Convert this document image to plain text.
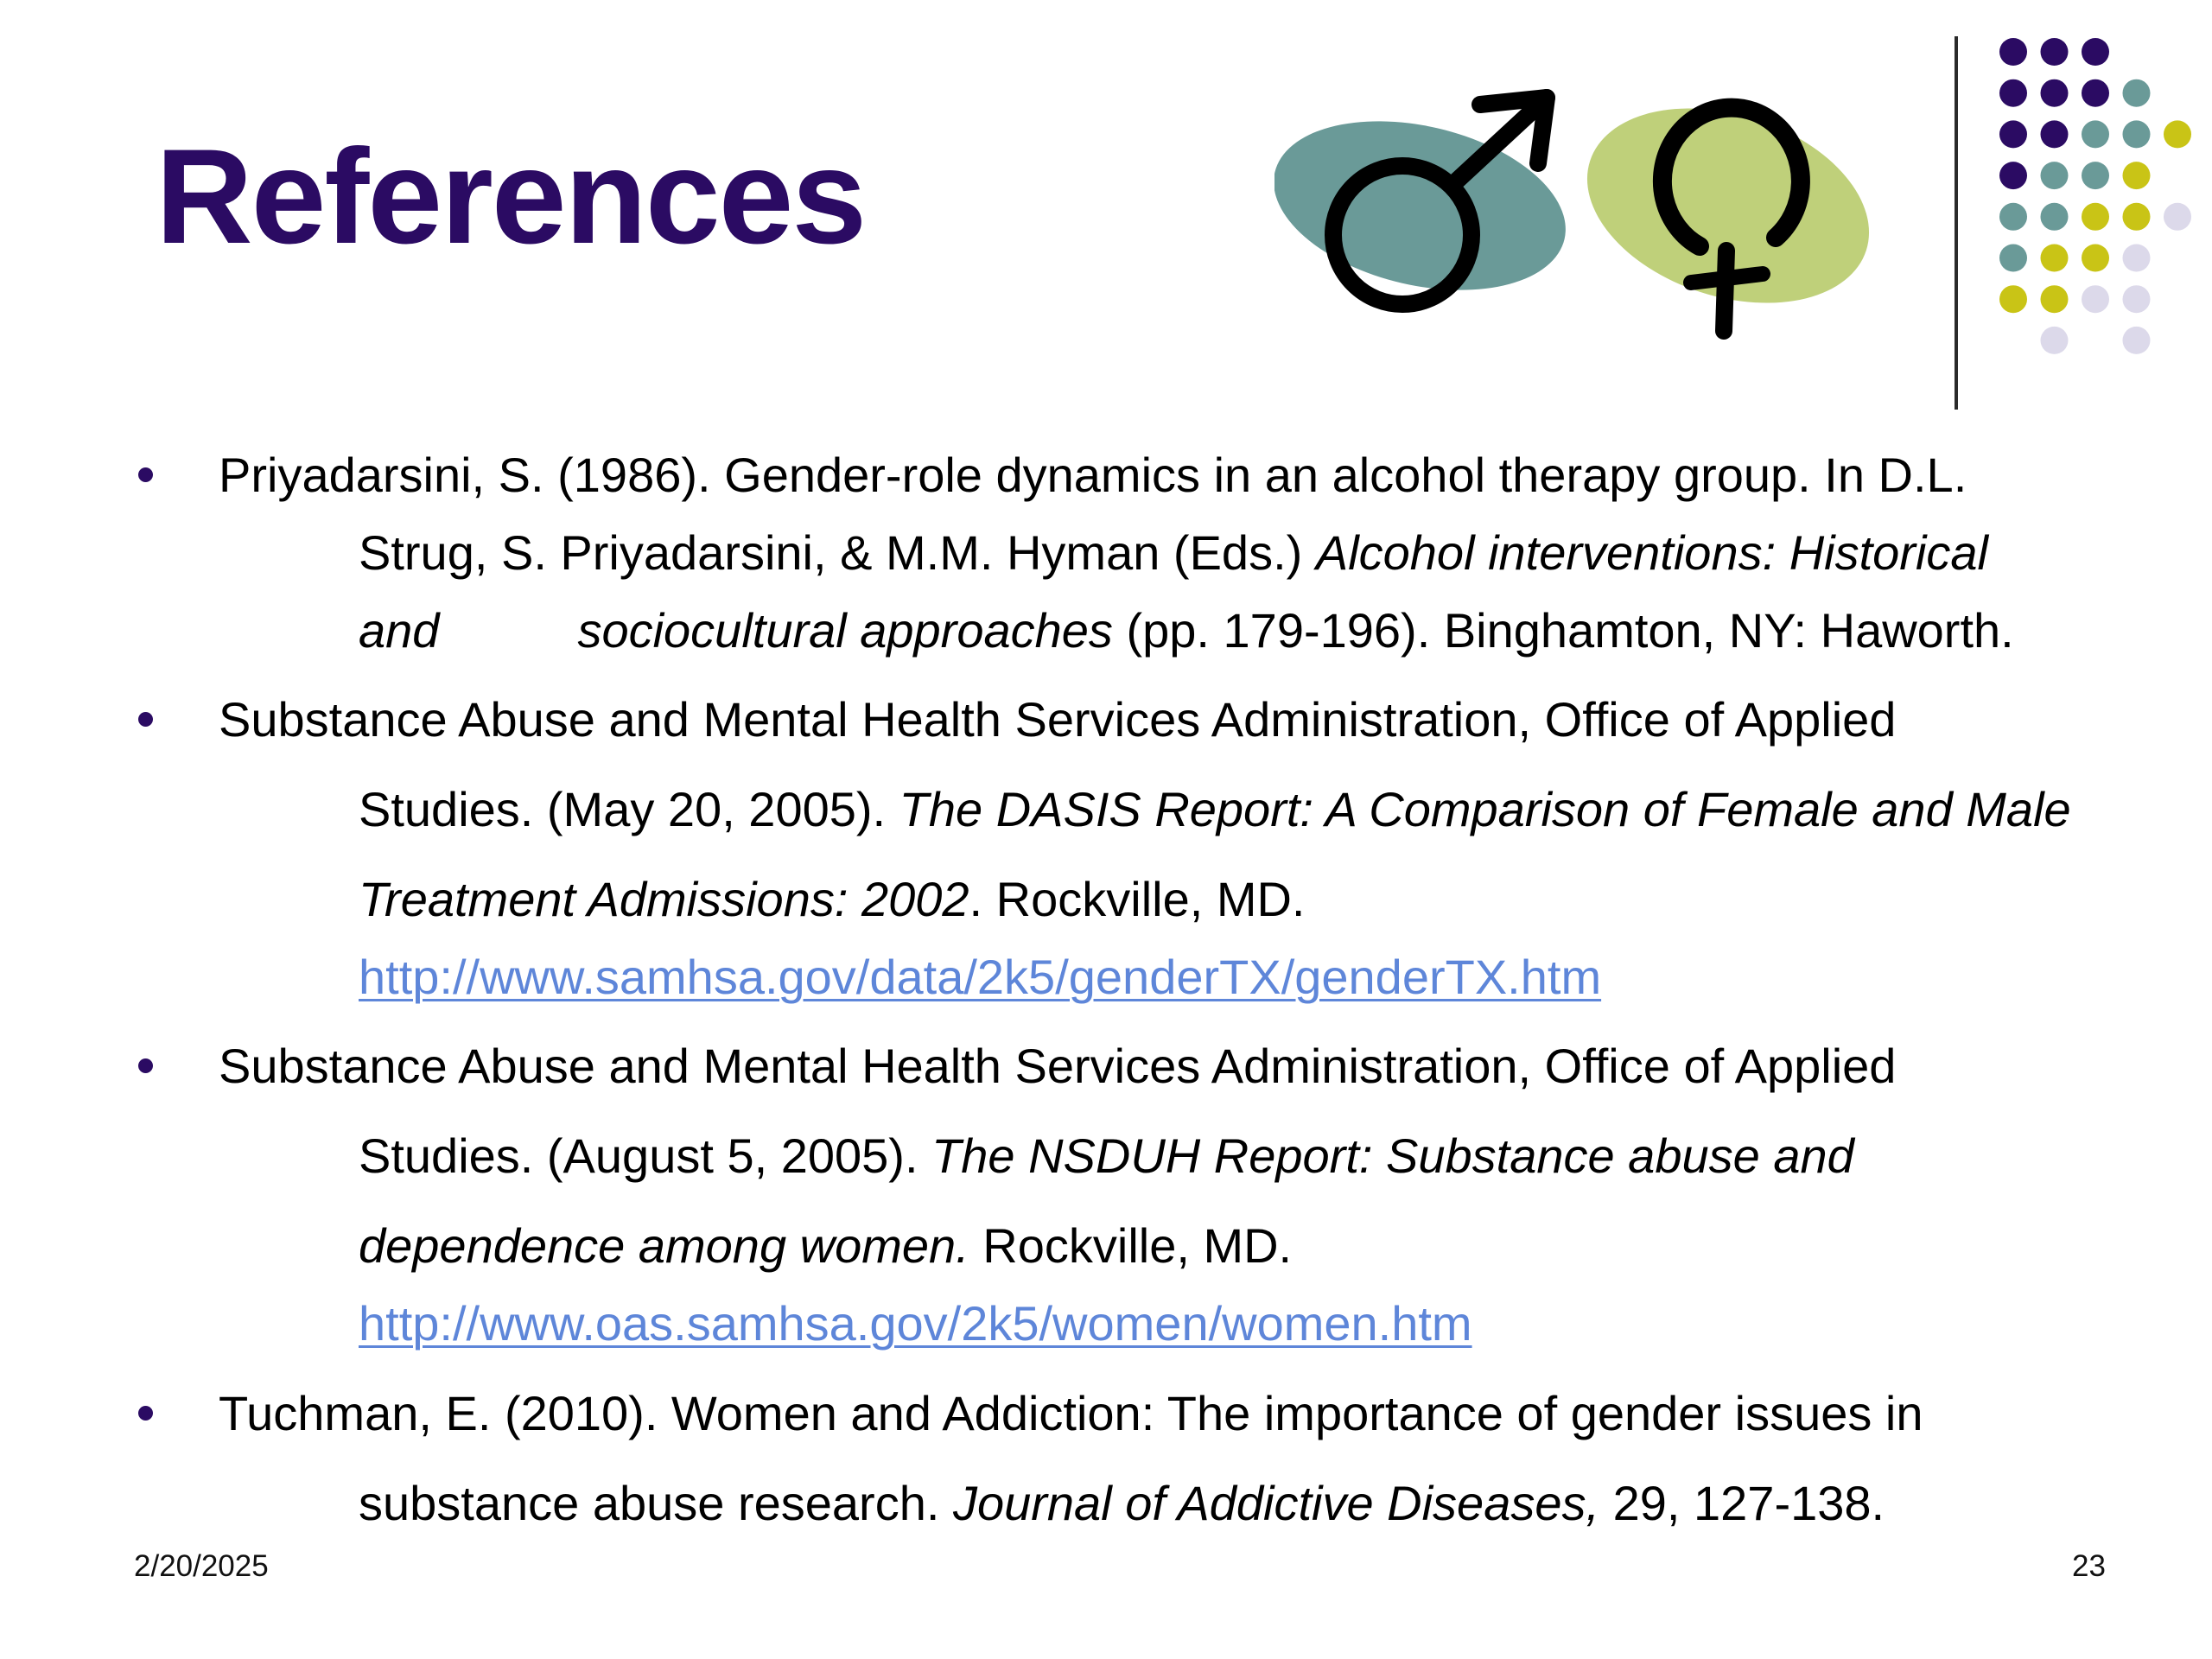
References
Priyadarsini, S. (1986). Gender-role dynamics in an alcohol therapy group. In D.L.
Strug, S. Priyadarsini, & M.M. Hyman (Eds.) Alcohol interventions: Historical
and	sociocultural approaches (pp. 179-196). Binghamton, NY: Haworth.
Substance Abuse and Mental Health Services Administration, Office of Applied
Studies. (May 20, 2005). The DASIS Report: A Comparison of Female and Male
Treatment Admissions: 2002. Rockville, MD.
http://www.samhsa.gov/data/2k5/genderTX/genderTX.htm
Substance Abuse and Mental Health Services Administration, Office of Applied
Studies. (August 5, 2005). The NSDUH Report: Substance abuse and
dependence among women. Rockville, MD.
http://www.oas.samhsa.gov/2k5/women/women.htm
Tuchman, E. (2010). Women and Addiction: The importance of gender issues in
substance abuse research. Journal of Addictive Diseases, 29, 127-138.
2/20/2025	23
